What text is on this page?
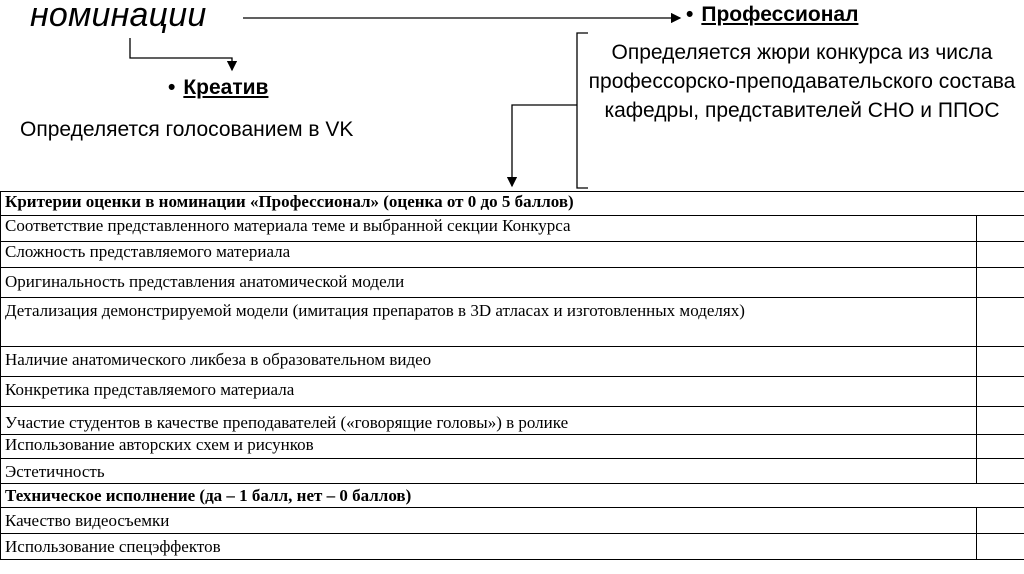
номинации
• Креатив
Определяется голосованием в VK
• Профессионал
Определяется жюри конкурса из числа профессорско-преподавательского состава кафедры, представителей СНО и ППОС
Критерии оценки в номинации «Профессионал» (оценка от 0 до 5 баллов)	
Соответствие представленного материала теме и выбранной секции Конкурса	
Сложность представляемого материала	
Оригинальность представления анатомической модели	
Детализация демонстрируемой модели (имитация препаратов в 3D атласах и изготовленных моделях)	
Наличие анатомического ликбеза в образовательном видео	
Конкретика представляемого материала	
Участие студентов в качестве преподавателей («говорящие головы») в ролике	
Использование авторских схем и рисунков	
Эстетичность	
Техническое исполнение (да – 1 балл, нет – 0 баллов)	
Качество видеосъемки	
Использование спецэффектов	
